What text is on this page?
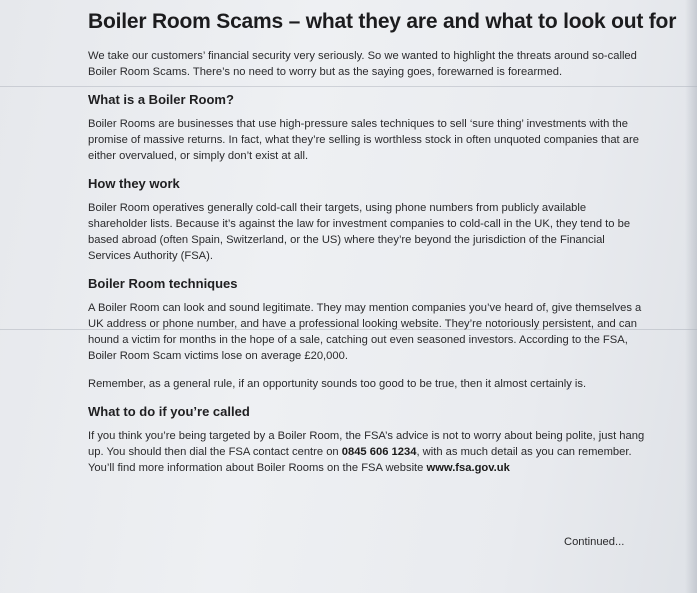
Boiler Room Scams – what they are and what to look out for

We take our customers’ financial security very seriously. So we wanted to highlight the threats around so-called Boiler Room Scams. There’s no need to worry but as the saying goes, forewarned is forearmed.

What is a Boiler Room?

Boiler Rooms are businesses that use high-pressure sales techniques to sell ‘sure thing’ investments with the promise of massive returns. In fact, what they’re selling is worthless stock in often unquoted companies that are either overvalued, or simply don’t exist at all.

How they work

Boiler Room operatives generally cold-call their targets, using phone numbers from publicly available shareholder lists. Because it’s against the law for investment companies to cold-call in the UK, they tend to be based abroad (often Spain, Switzerland, or the US) where they’re beyond the jurisdiction of the Financial Services Authority (FSA).

Boiler Room techniques

A Boiler Room can look and sound legitimate. They may mention companies you’ve heard of, give themselves a UK address or phone number, and have a professional looking website. They’re notoriously persistent, and can hound a victim for months in the hope of a sale, catching out even seasoned investors. According to the FSA, Boiler Room Scam victims lose on average £20,000.

Remember, as a general rule, if an opportunity sounds too good to be true, then it almost certainly is.

What to do if you’re called

If you think you’re being targeted by a Boiler Room, the FSA’s advice is not to worry about being polite, just hang up. You should then dial the FSA contact centre on 0845 606 1234, with as much detail as you can remember. You’ll find more information about Boiler Rooms on the FSA website www.fsa.gov.uk

Continued...
